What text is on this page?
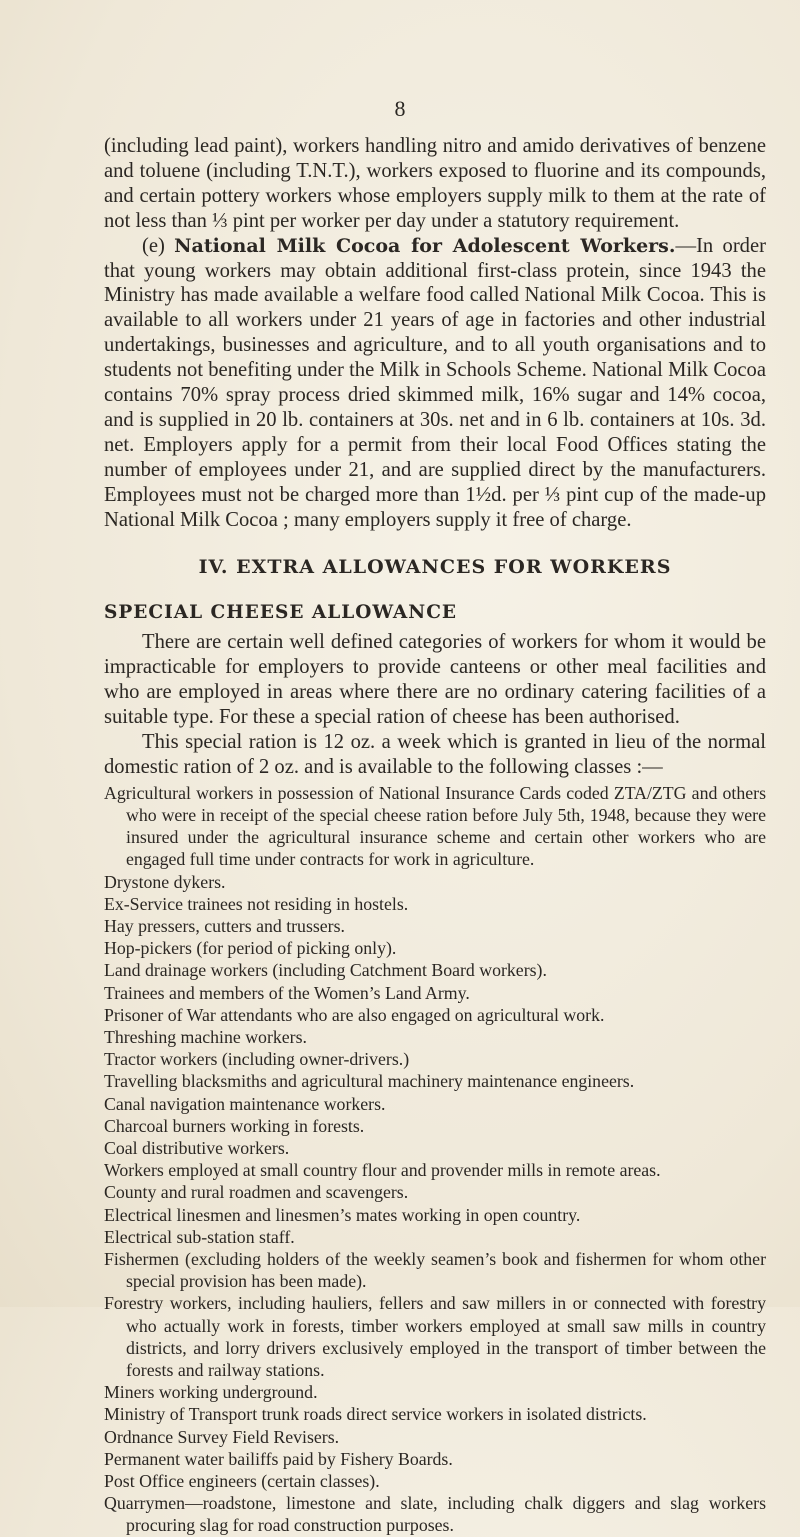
8

(including lead paint), workers handling nitro and amido derivatives of benzene and toluene (including T.N.T.), workers exposed to fluorine and its compounds, and certain pottery workers whose employers supply milk to them at the rate of not less than ⅓ pint per worker per day under a statutory requirement.

(e) National Milk Cocoa for Adolescent Workers.—In order that young workers may obtain additional first-class protein, since 1943 the Ministry has made available a welfare food called National Milk Cocoa. This is available to all workers under 21 years of age in factories and other industrial undertakings, businesses and agriculture, and to all youth organisations and to students not benefiting under the Milk in Schools Scheme. National Milk Cocoa contains 70% spray process dried skimmed milk, 16% sugar and 14% cocoa, and is supplied in 20 lb. containers at 30s. net and in 6 lb. containers at 10s. 3d. net. Employers apply for a permit from their local Food Offices stating the number of employees under 21, and are supplied direct by the manufacturers. Employees must not be charged more than 1½d. per ⅓ pint cup of the made-up National Milk Cocoa ; many employers supply it free of charge.

IV. EXTRA ALLOWANCES FOR WORKERS
SPECIAL CHEESE ALLOWANCE

There are certain well defined categories of workers for whom it would be impracticable for employers to provide canteens or other meal facilities and who are employed in areas where there are no ordinary catering facilities of a suitable type. For these a special ration of cheese has been authorised.

This special ration is 12 oz. a week which is granted in lieu of the normal domestic ration of 2 oz. and is available to the following classes :—

Agricultural workers in possession of National Insurance Cards coded ZTA/ZTG and others who were in receipt of the special cheese ration before July 5th, 1948, because they were insured under the agricultural insurance scheme and certain other workers who are engaged full time under contracts for work in agriculture.
Drystone dykers.
Ex-Service trainees not residing in hostels.
Hay pressers, cutters and trussers.
Hop-pickers (for period of picking only).
Land drainage workers (including Catchment Board workers).
Trainees and members of the Women’s Land Army.
Prisoner of War attendants who are also engaged on agricultural work.
Threshing machine workers.
Tractor workers (including owner-drivers.)
Travelling blacksmiths and agricultural machinery maintenance engineers.
Canal navigation maintenance workers.
Charcoal burners working in forests.
Coal distributive workers.
Workers employed at small country flour and provender mills in remote areas.
County and rural roadmen and scavengers.
Electrical linesmen and linesmen’s mates working in open country.
Electrical sub-station staff.
Fishermen (excluding holders of the weekly seamen’s book and fishermen for whom other special provision has been made).
Forestry workers, including hauliers, fellers and saw millers in or connected with forestry who actually work in forests, timber workers employed at small saw mills in country districts, and lorry drivers exclusively employed in the transport of timber between the forests and railway stations.
Miners working underground.
Ministry of Transport trunk roads direct service workers in isolated districts.
Ordnance Survey Field Revisers.
Permanent water bailiffs paid by Fishery Boards.
Post Office engineers (certain classes).
Quarrymen—roadstone, limestone and slate, including chalk diggers and slag workers procuring slag for road construction purposes.
